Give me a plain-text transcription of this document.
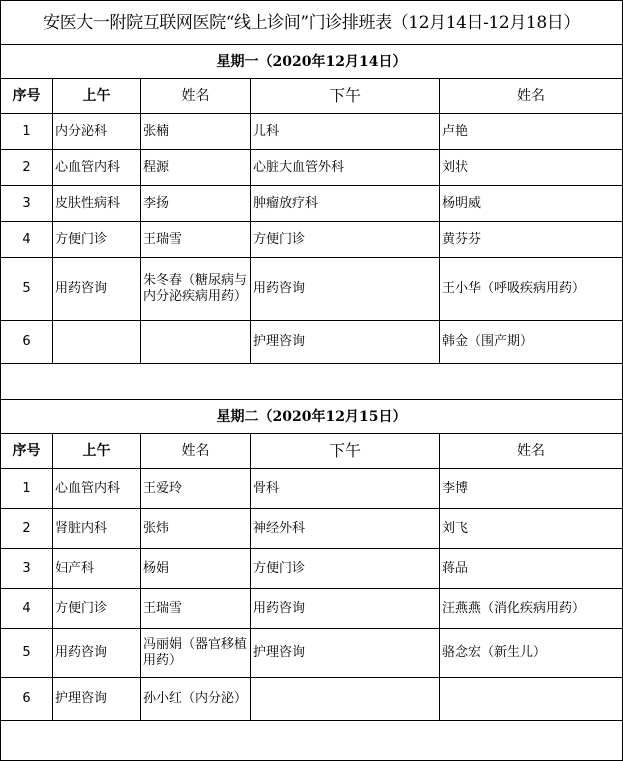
安医大一附院互联网医院“线上诊间”门诊排班表（12月14日-12月18日）				
星期一（2020年12月14日）				
序号	上午	姓名	下午	姓名
1	内分泌科	张楠	儿科	卢艳
2	心血管内科	程源	心脏大血管外科	刘状
3	皮肤性病科	李扬	肿瘤放疗科	杨明威
4	方便门诊	王瑞雪	方便门诊	黄芬芬
5	用药咨询	朱冬春（糖尿病与内分泌疾病用药）	用药咨询	王小华（呼吸疾病用药）
6			护理咨询	韩金（围产期）

星期二（2020年12月15日）				
序号	上午	姓名	下午	姓名
1	心血管内科	王爱玲	骨科	李博
2	肾脏内科	张炜	神经外科	刘飞
3	妇产科	杨娟	方便门诊	蒋品
4	方便门诊	王瑞雪	用药咨询	汪燕燕（消化疾病用药）
5	用药咨询	冯丽娟（器官移植用药）	护理咨询	骆念宏（新生儿）
6	护理咨询	孙小红（内分泌）		
